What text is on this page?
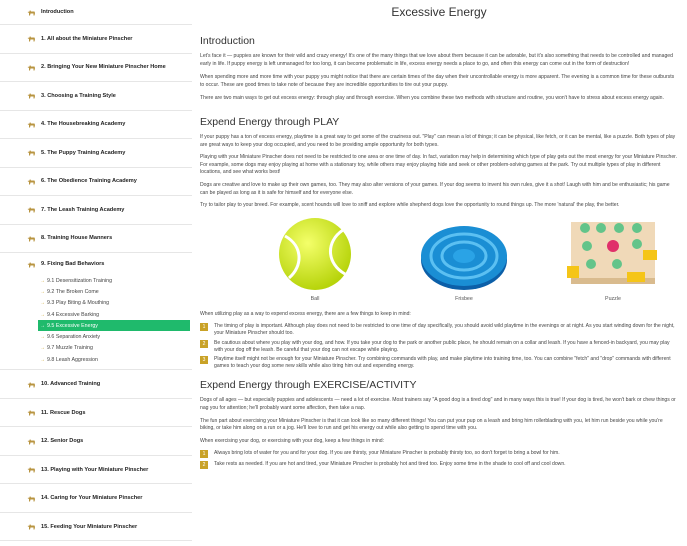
Introduction
1. All about the Miniature Pinscher
2. Bringing Your New Miniature Pinscher Home
3. Choosing a Training Style
4. The Housebreaking Academy
5. The Puppy Training Academy
6. The Obedience Training Academy
7. The Leash Training Academy
8. Training House Manners
9. Fixing Bad Behaviors
→ 9.1 Desensitization Training
→ 9.2 The Broken Come
→ 9.3 Play Biting & Mouthing
→ 9.4 Excessive Barking
→ 9.5 Excessive Energy
→ 9.6 Separation Anxiety
→ 9.7 Muzzle Training
→ 9.8 Leash Aggression
10. Advanced Training
11. Rescue Dogs
12. Senior Dogs
13. Playing with Your Miniature Pinscher
14. Caring for Your Miniature Pinscher
15. Feeding Your Miniature Pinscher
Excessive Energy
Introduction

Let's face it — puppies are known for their wild and crazy energy! It's one of the many things that we love about them because it can be adorable, but it's also something that needs to be controlled and managed early in life. If puppy energy is left unmanaged for too long, it can become problematic in life, excess energy needs a place to go, and often this energy can come out in the form of destruction!

When spending more and more time with your puppy you might notice that there are certain times of the day when their uncontrollable energy is more apparent. The evening is a common time for these outbursts to occur. These are good times to take note of because they are incredible opportunities to tire out your puppy.

There are two main ways to get out excess energy: through play and through exercise. When you combine these two methods with structure and routine, you won't have to stress about excess energy again.

Expend Energy through PLAY

If your puppy has a ton of excess energy, playtime is a great way to get some of the craziness out. "Play" can mean a lot of things; it can be physical, like fetch, or it can be mental, like a puzzle. Both types of play are great ways to keep your dog occupied, and you need to be providing ample opportunity for both types.

Playing with your Miniature Pinscher does not need to be restricted to one area or one time of day. In fact, variation may help in determining which type of play gets out the most energy for your Miniature Pinscher. For example, some dogs may enjoy playing at home with a stationary toy, while others may enjoy playing hide and seek or other problem-solving games at the park. Try out multiple types of play in different locations, and see what works best!

Dogs are creative and love to make up their own games, too. They may also alter versions of your games. If your dog seems to invent his own rules, give it a shot! Laugh with him and be enthusiastic; his game can be played as long as it is safe for himself and for everyone else.

Try to tailor play to your breed. For example, scent hounds will love to sniff and explore while shepherd dogs love the opportunity to round things up. The more 'natural' the play, the better.

Ball	Frisbee	Puzzle

When utilizing play as a way to expend excess energy, there are a few things to keep in mind:

1	The timing of play is important. Although play does not need to be restricted to one time of day specifically, you should avoid wild playtime in the evenings or at night. As you start winding down for the night, your Miniature Pinscher should too.
2	Be cautious about where you play with your dog, and how. If you take your dog to the park or another public place, he should remain on a collar and leash. If you have a fenced-in backyard, you may play with your dog off the leash. Be careful that your dog can not escape while playing.
3	Playtime itself might not be enough for your Miniature Pinscher. Try combining commands with play, and make playtime into training time, too. You can combine "fetch" and "drop" commands with different games to teach your dog some new skills while also tiring him out and expending energy.
Expend Energy through EXERCISE/ACTIVITY

Dogs of all ages — but especially puppies and adolescents — need a lot of exercise. Most trainers say "A good dog is a tired dog" and in many ways this is true! If your dog is tired, he won't bark or chew things or nag you for attention; he'll probably want some affection, then take a nap.

The fun part about exercising your Miniature Pinscher is that it can look like so many different things! You can put your pup on a leash and bring him rollerblading with you, let him run beside you while you're biking, or take him along on a run or a jog. He'll love to run and get his energy out while also getting to spend time with you.

When exercising your dog, or exercising with your dog, keep a few things in mind:

1	Always bring lots of water for you and for your dog. If you are thirsty, your Miniature Pinscher is probably thirsty too, so don't forget to bring a bowl for him.
2	Take rests as needed. If you are hot and tired, your Miniature Pinscher is probably hot and tired too. Enjoy some time in the shade to cool off and cool down.
